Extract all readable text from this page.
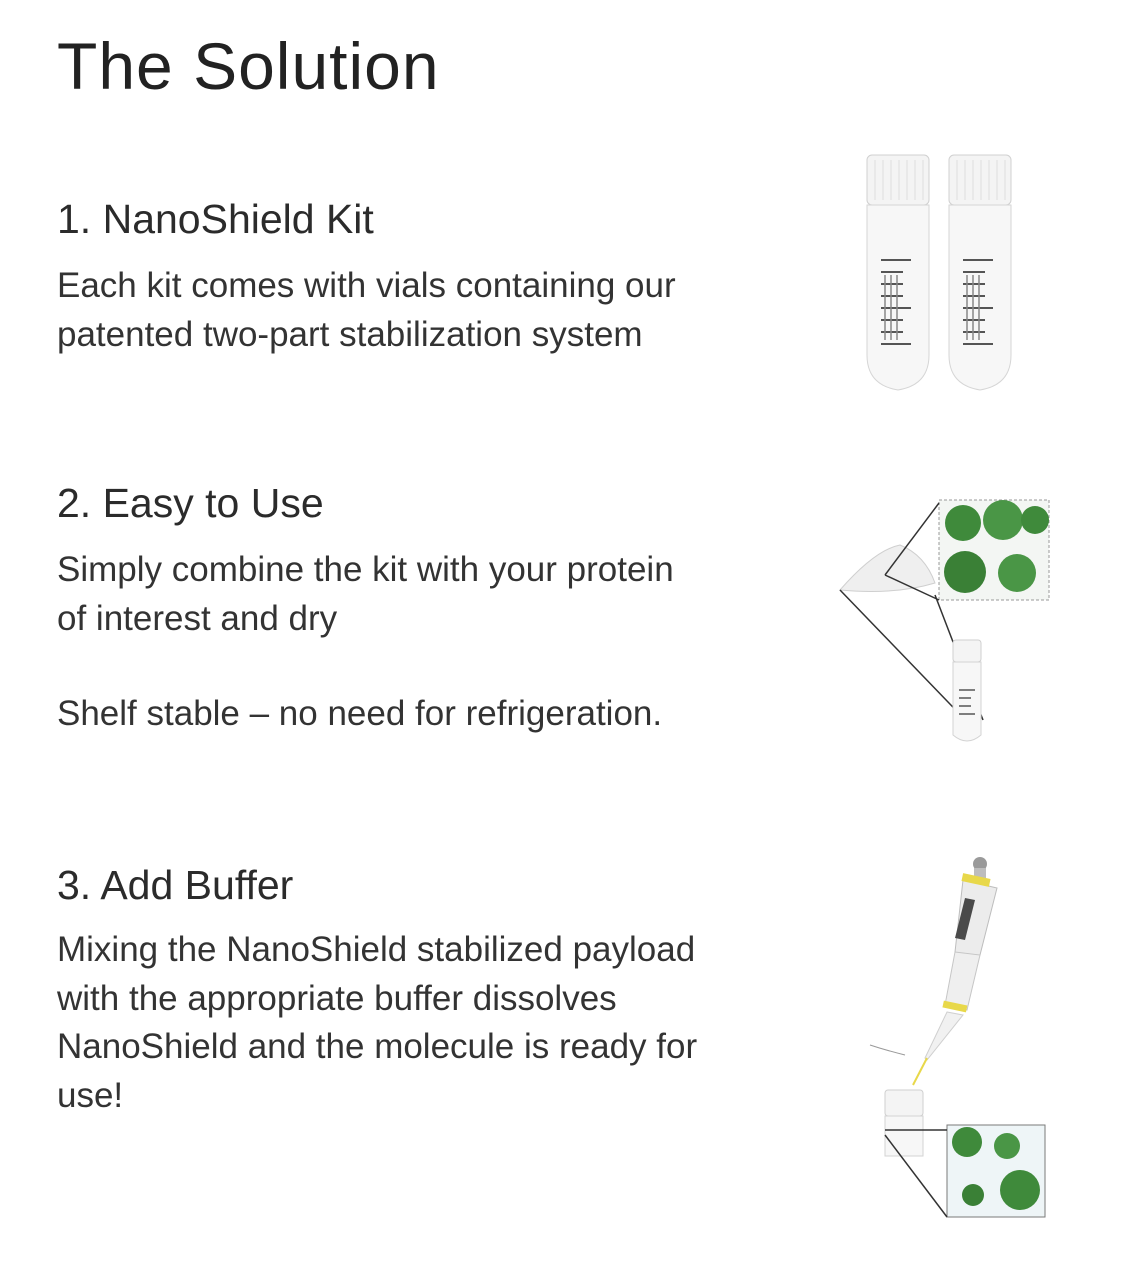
The Solution
1. NanoShield Kit

Each kit comes with vials containing our patented two-part stabilization system

2. Easy to Use

Simply combine the kit with your protein of interest and dry

Shelf stable – no need for refrigeration.

3. Add Buffer

Mixing the NanoShield stabilized payload with the appropriate buffer dissolves NanoShield and the molecule is ready for use!
